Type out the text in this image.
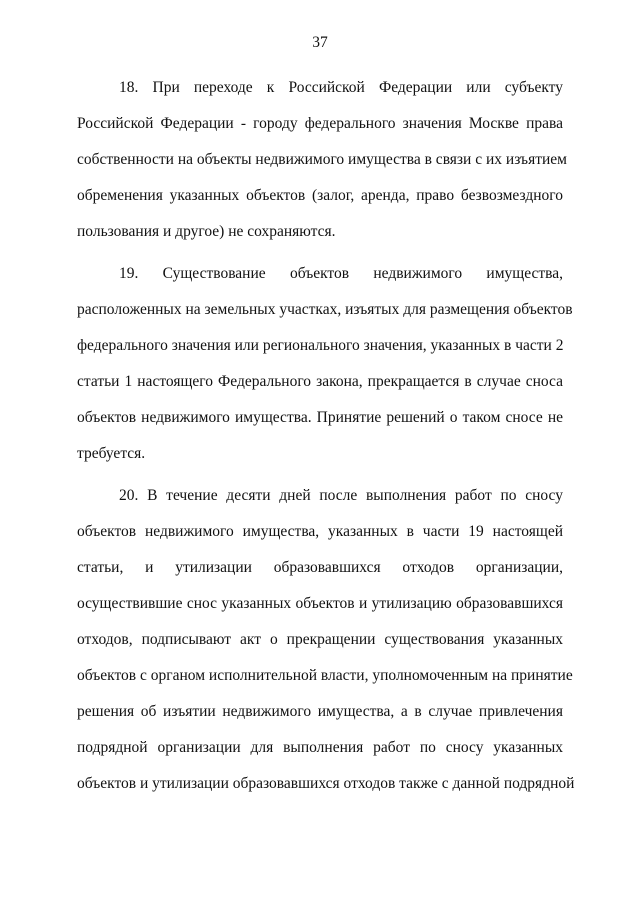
37
18. При переходе к Российской Федерации или субъекту
Российской Федерации - городу федерального значения Москве права
собственности на объекты недвижимого имущества в связи с их изъятием
обременения указанных объектов (залог, аренда, право безвозмездного
пользования и другое) не сохраняются.
19. Существование объектов недвижимого имущества,
расположенных на земельных участках, изъятых для размещения объектов
федерального значения или регионального значения, указанных в части 2
статьи 1 настоящего Федерального закона, прекращается в случае сноса
объектов недвижимого имущества. Принятие решений о таком сносе не
требуется.
20. В течение десяти дней после выполнения работ по сносу
объектов недвижимого имущества, указанных в части 19 настоящей
статьи, и утилизации образовавшихся отходов организации,
осуществившие снос указанных объектов и утилизацию образовавшихся
отходов, подписывают акт о прекращении существования указанных
объектов с органом исполнительной власти, уполномоченным на принятие
решения об изъятии недвижимого имущества, а в случае привлечения
подрядной организации для выполнения работ по сносу указанных
объектов и утилизации образовавшихся отходов также с данной подрядной
